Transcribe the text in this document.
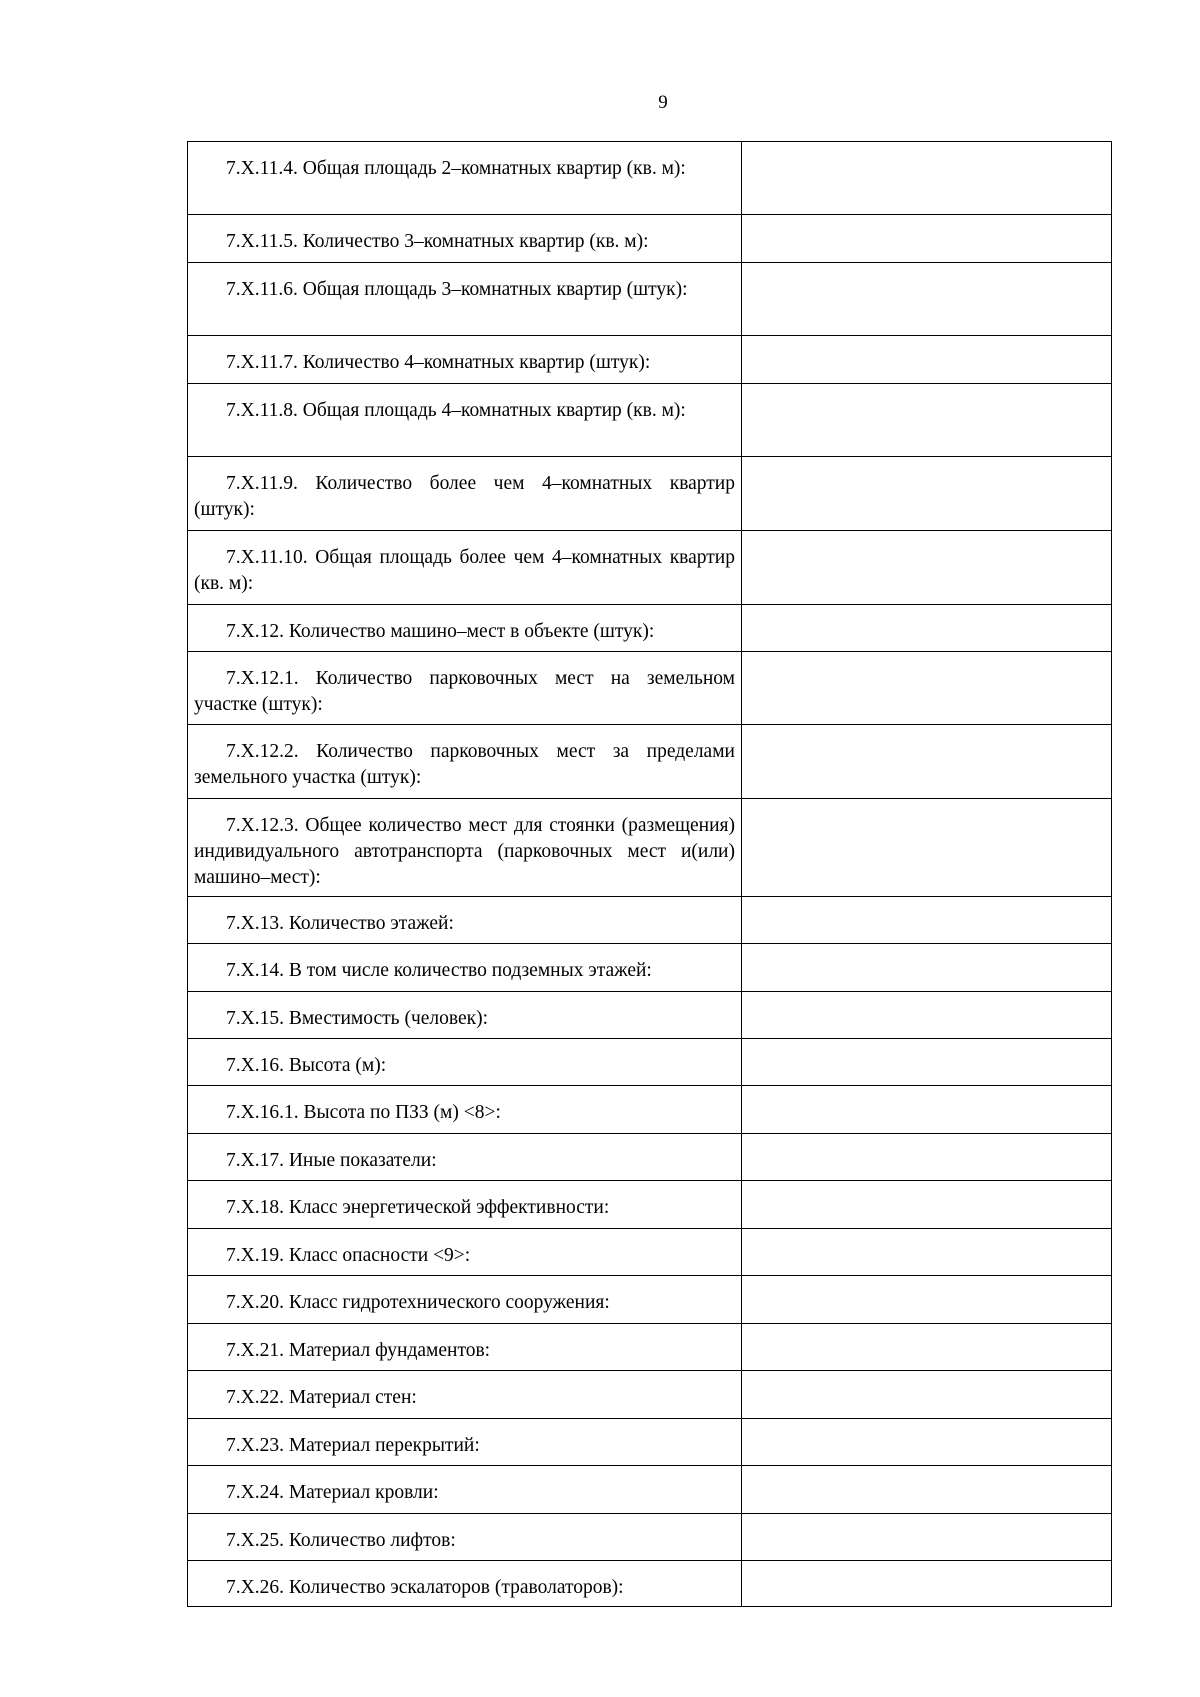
9
7.X.11.4. Общая площадь 2–комнатных квартир (кв. м):	

7.X.11.5. Количество 3–комнатных квартир (кв. м):	

7.X.11.6. Общая площадь 3–комнатных квартир (штук):	

7.X.11.7. Количество 4–комнатных квартир (штук):	

7.X.11.8. Общая площадь 4–комнатных квартир (кв. м):	

7.X.11.9. Количество более чем 4–комнатных квартир (штук):	

7.X.11.10. Общая площадь более чем 4–комнатных квартир (кв. м):	

7.X.12. Количество машино–мест в объекте (штук):	

7.X.12.1. Количество парковочных мест на земельном участке (штук):	

7.X.12.2. Количество парковочных мест за пределами земельного участка (штук):	

7.X.12.3. Общее количество мест для стоянки (размещения) индивидуального автотранспорта (парковочных мест и(или) машино–мест):	

7.X.13. Количество этажей:	

7.X.14. В том числе количество подземных этажей:	

7.X.15. Вместимость (человек):	

7.X.16. Высота (м):	

7.X.16.1. Высота по ПЗЗ (м) <8>:	

7.X.17. Иные показатели:	

7.X.18. Класс энергетической эффективности:	

7.X.19. Класс опасности <9>:	

7.X.20. Класс гидротехнического сооружения:	

7.X.21. Материал фундаментов:	

7.X.22. Материал стен:	

7.X.23. Материал перекрытий:	

7.X.24. Материал кровли:	

7.X.25. Количество лифтов:	

7.X.26. Количество эскалаторов (траволаторов):	
